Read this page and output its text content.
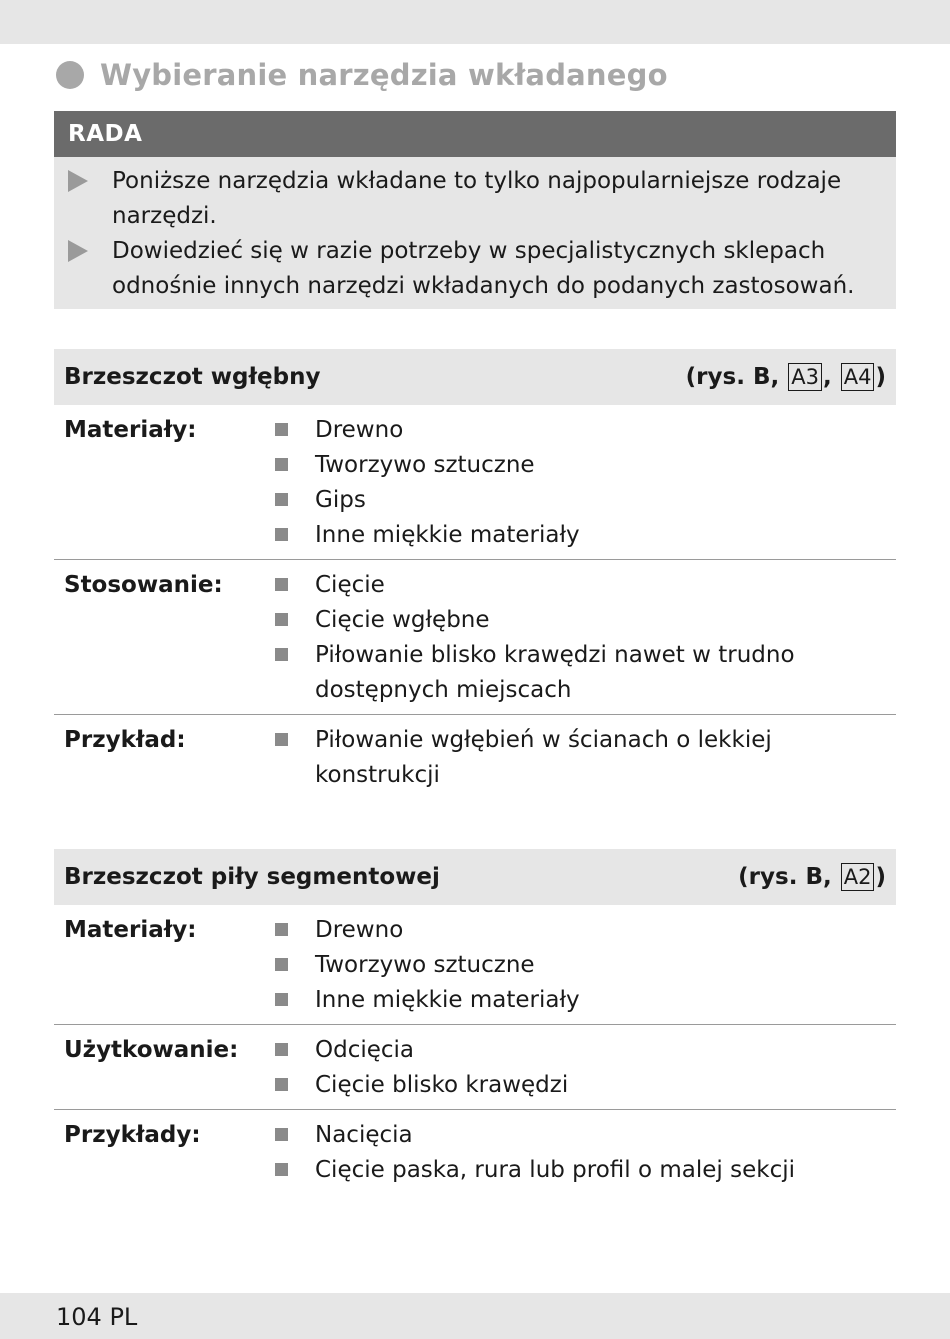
Wybieranie narzędzia wkładanego
RADA
Poniższe narzędzia wkładane to tylko najpopularniejsze rodzaje narzędzi.
Dowiedzieć się w razie potrzeby w specjalistycznych sklepach odnośnie innych narzędzi wkładanych do podanych zastosowań.
Brzeszczot wgłębny	(rys. B, A3 , A4 )
Materiały:	Drewno
Tworzywo sztuczne
Gips
Inne miękkie materiały
Stosowanie:	Cięcie
Cięcie wgłębne
Piłowanie blisko krawędzi nawet w trudno dostępnych miejscach
Przykład:	Piłowanie wgłębień w ścianach o lekkiej konstrukcji
Brzeszczot piły segmentowej	(rys. B, A2 )
Materiały:	Drewno
Tworzywo sztuczne
Inne miękkie materiały
Użytkowanie:	Odcięcia
Cięcie blisko krawędzi
Przykłady:	Nacięcia
Cięcie paska, rura lub profil o malej sekcji
104 PL
